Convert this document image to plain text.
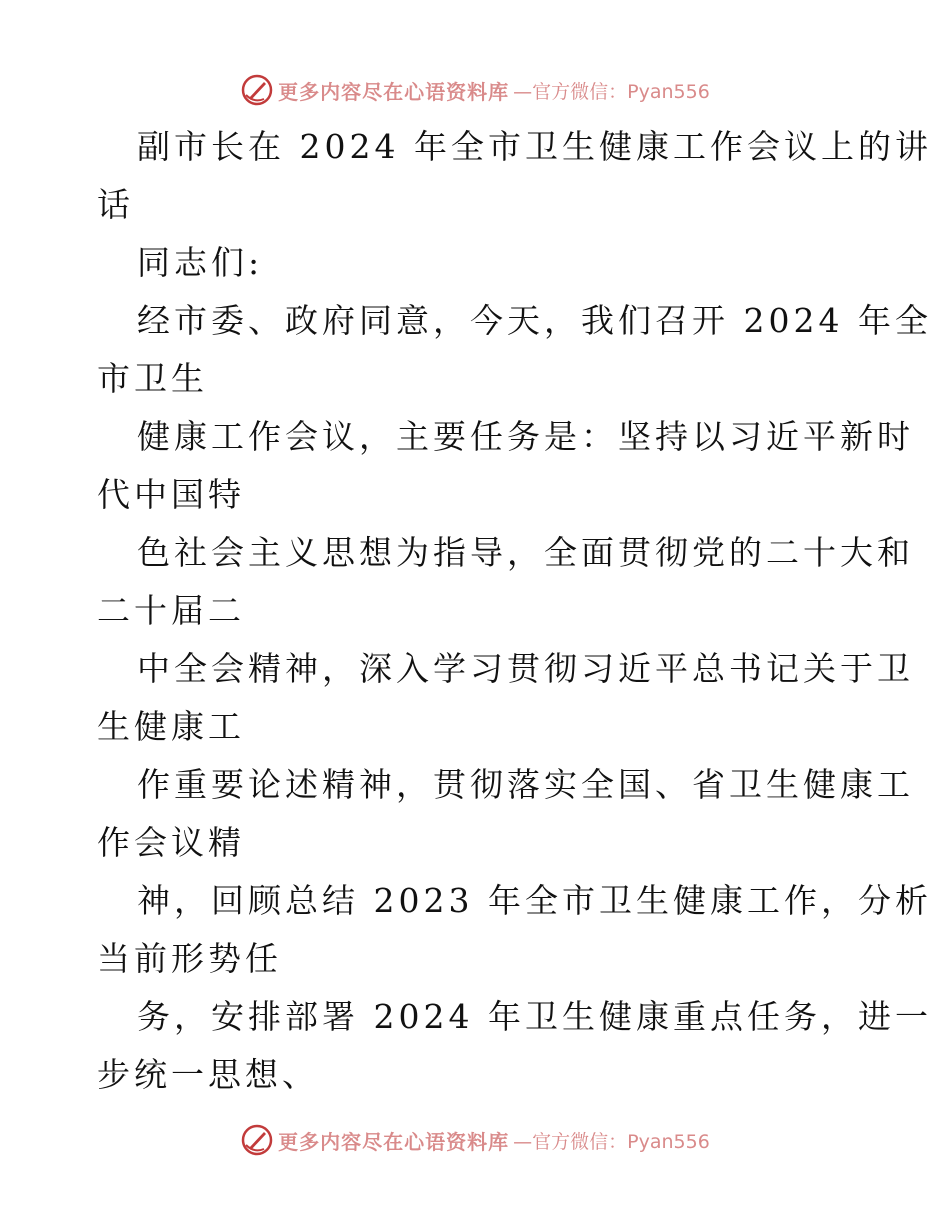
更多内容尽在心语资料库 —官方微信：Pyan556
副市长在 2024 年全市卫生健康工作会议上的讲
话
同志们:
经市委、政府同意，今天，我们召开 2024 年全
市卫生
健康工作会议，主要任务是：坚持以习近平新时
代中国特
色社会主义思想为指导，全面贯彻党的二十大和
二十届二
中全会精神，深入学习贯彻习近平总书记关于卫
生健康工
作重要论述精神，贯彻落实全国、省卫生健康工
作会议精
神，回顾总结 2023 年全市卫生健康工作，分析
当前形势任
务，安排部署 2024 年卫生健康重点任务，进一
步统一思想、
更多内容尽在心语资料库 —官方微信：Pyan556
